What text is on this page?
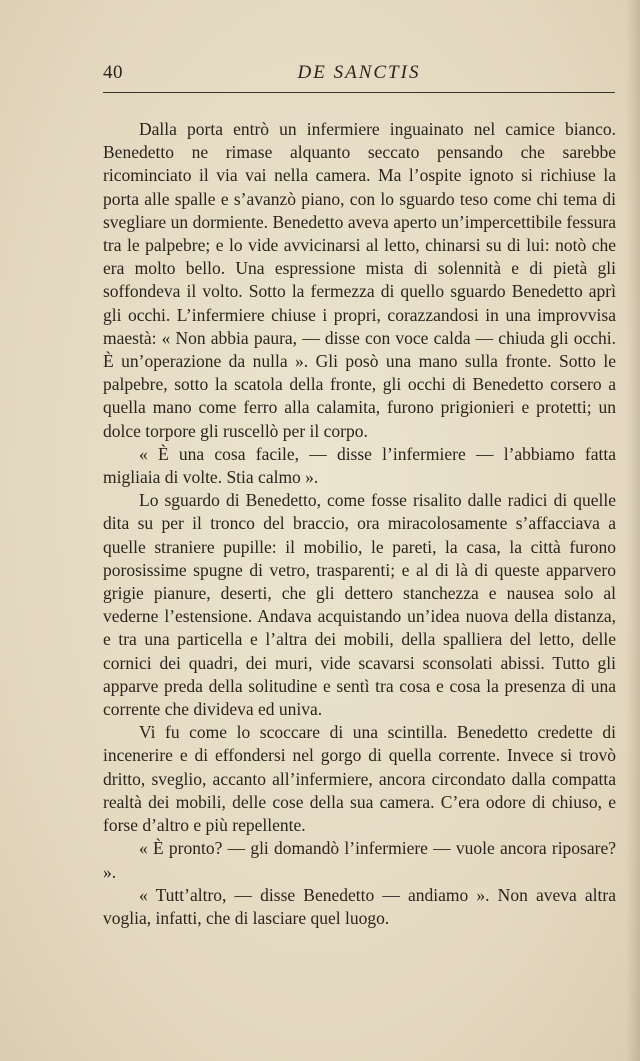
40	DE SANCTIS

Dalla porta entrò un infermiere inguainato nel camice bianco. Benedetto ne rimase alquanto seccato pensando che sarebbe ricominciato il via vai nella camera. Ma l’ospite ignoto si richiuse la porta alle spalle e s’avanzò piano, con lo sguardo teso come chi tema di svegliare un dormiente. Benedetto aveva aperto un’impercettibile fessura tra le palpebre; e lo vide avvicinarsi al letto, chinarsi su di lui: notò che era molto bello. Una espressione mista di solennità e di pietà gli soffondeva il volto. Sotto la fermezza di quello sguardo Benedetto aprì gli occhi. L’infermiere chiuse i propri, corazzandosi in una improvvisa maestà: « Non abbia paura, — disse con voce calda — chiuda gli occhi. È un’operazione da nulla ». Gli posò una mano sulla fronte. Sotto le palpebre, sotto la scatola della fronte, gli occhi di Benedetto corsero a quella mano come ferro alla calamita, furono prigionieri e protetti; un dolce torpore gli ruscellò per il corpo.

« È una cosa facile, — disse l’infermiere — l’abbiamo fatta migliaia di volte. Stia calmo ».

Lo sguardo di Benedetto, come fosse risalito dalle radici di quelle dita su per il tronco del braccio, ora miracolosamente s’affacciava a quelle straniere pupille: il mobilio, le pareti, la casa, la città furono porosissime spugne di vetro, trasparenti; e al di là di queste apparvero grigie pianure, deserti, che gli dettero stanchezza e nausea solo al vederne l’estensione. Andava acquistando un’idea nuova della distanza, e tra una particella e l’altra dei mobili, della spalliera del letto, delle cornici dei quadri, dei muri, vide scavarsi sconsolati abissi. Tutto gli apparve preda della solitudine e sentì tra cosa e cosa la presenza di una corrente che divideva ed univa.

Vi fu come lo scoccare di una scintilla. Benedetto credette di incenerire e di effondersi nel gorgo di quella corrente. Invece si trovò dritto, sveglio, accanto all’infermiere, ancora circondato dalla compatta realtà dei mobili, delle cose della sua camera. C’era odore di chiuso, e forse d’altro e più repellente.

« È pronto? — gli domandò l’infermiere — vuole ancora riposare? ».

« Tutt’altro, — disse Benedetto — andiamo ». Non aveva altra voglia, infatti, che di lasciare quel luogo.
